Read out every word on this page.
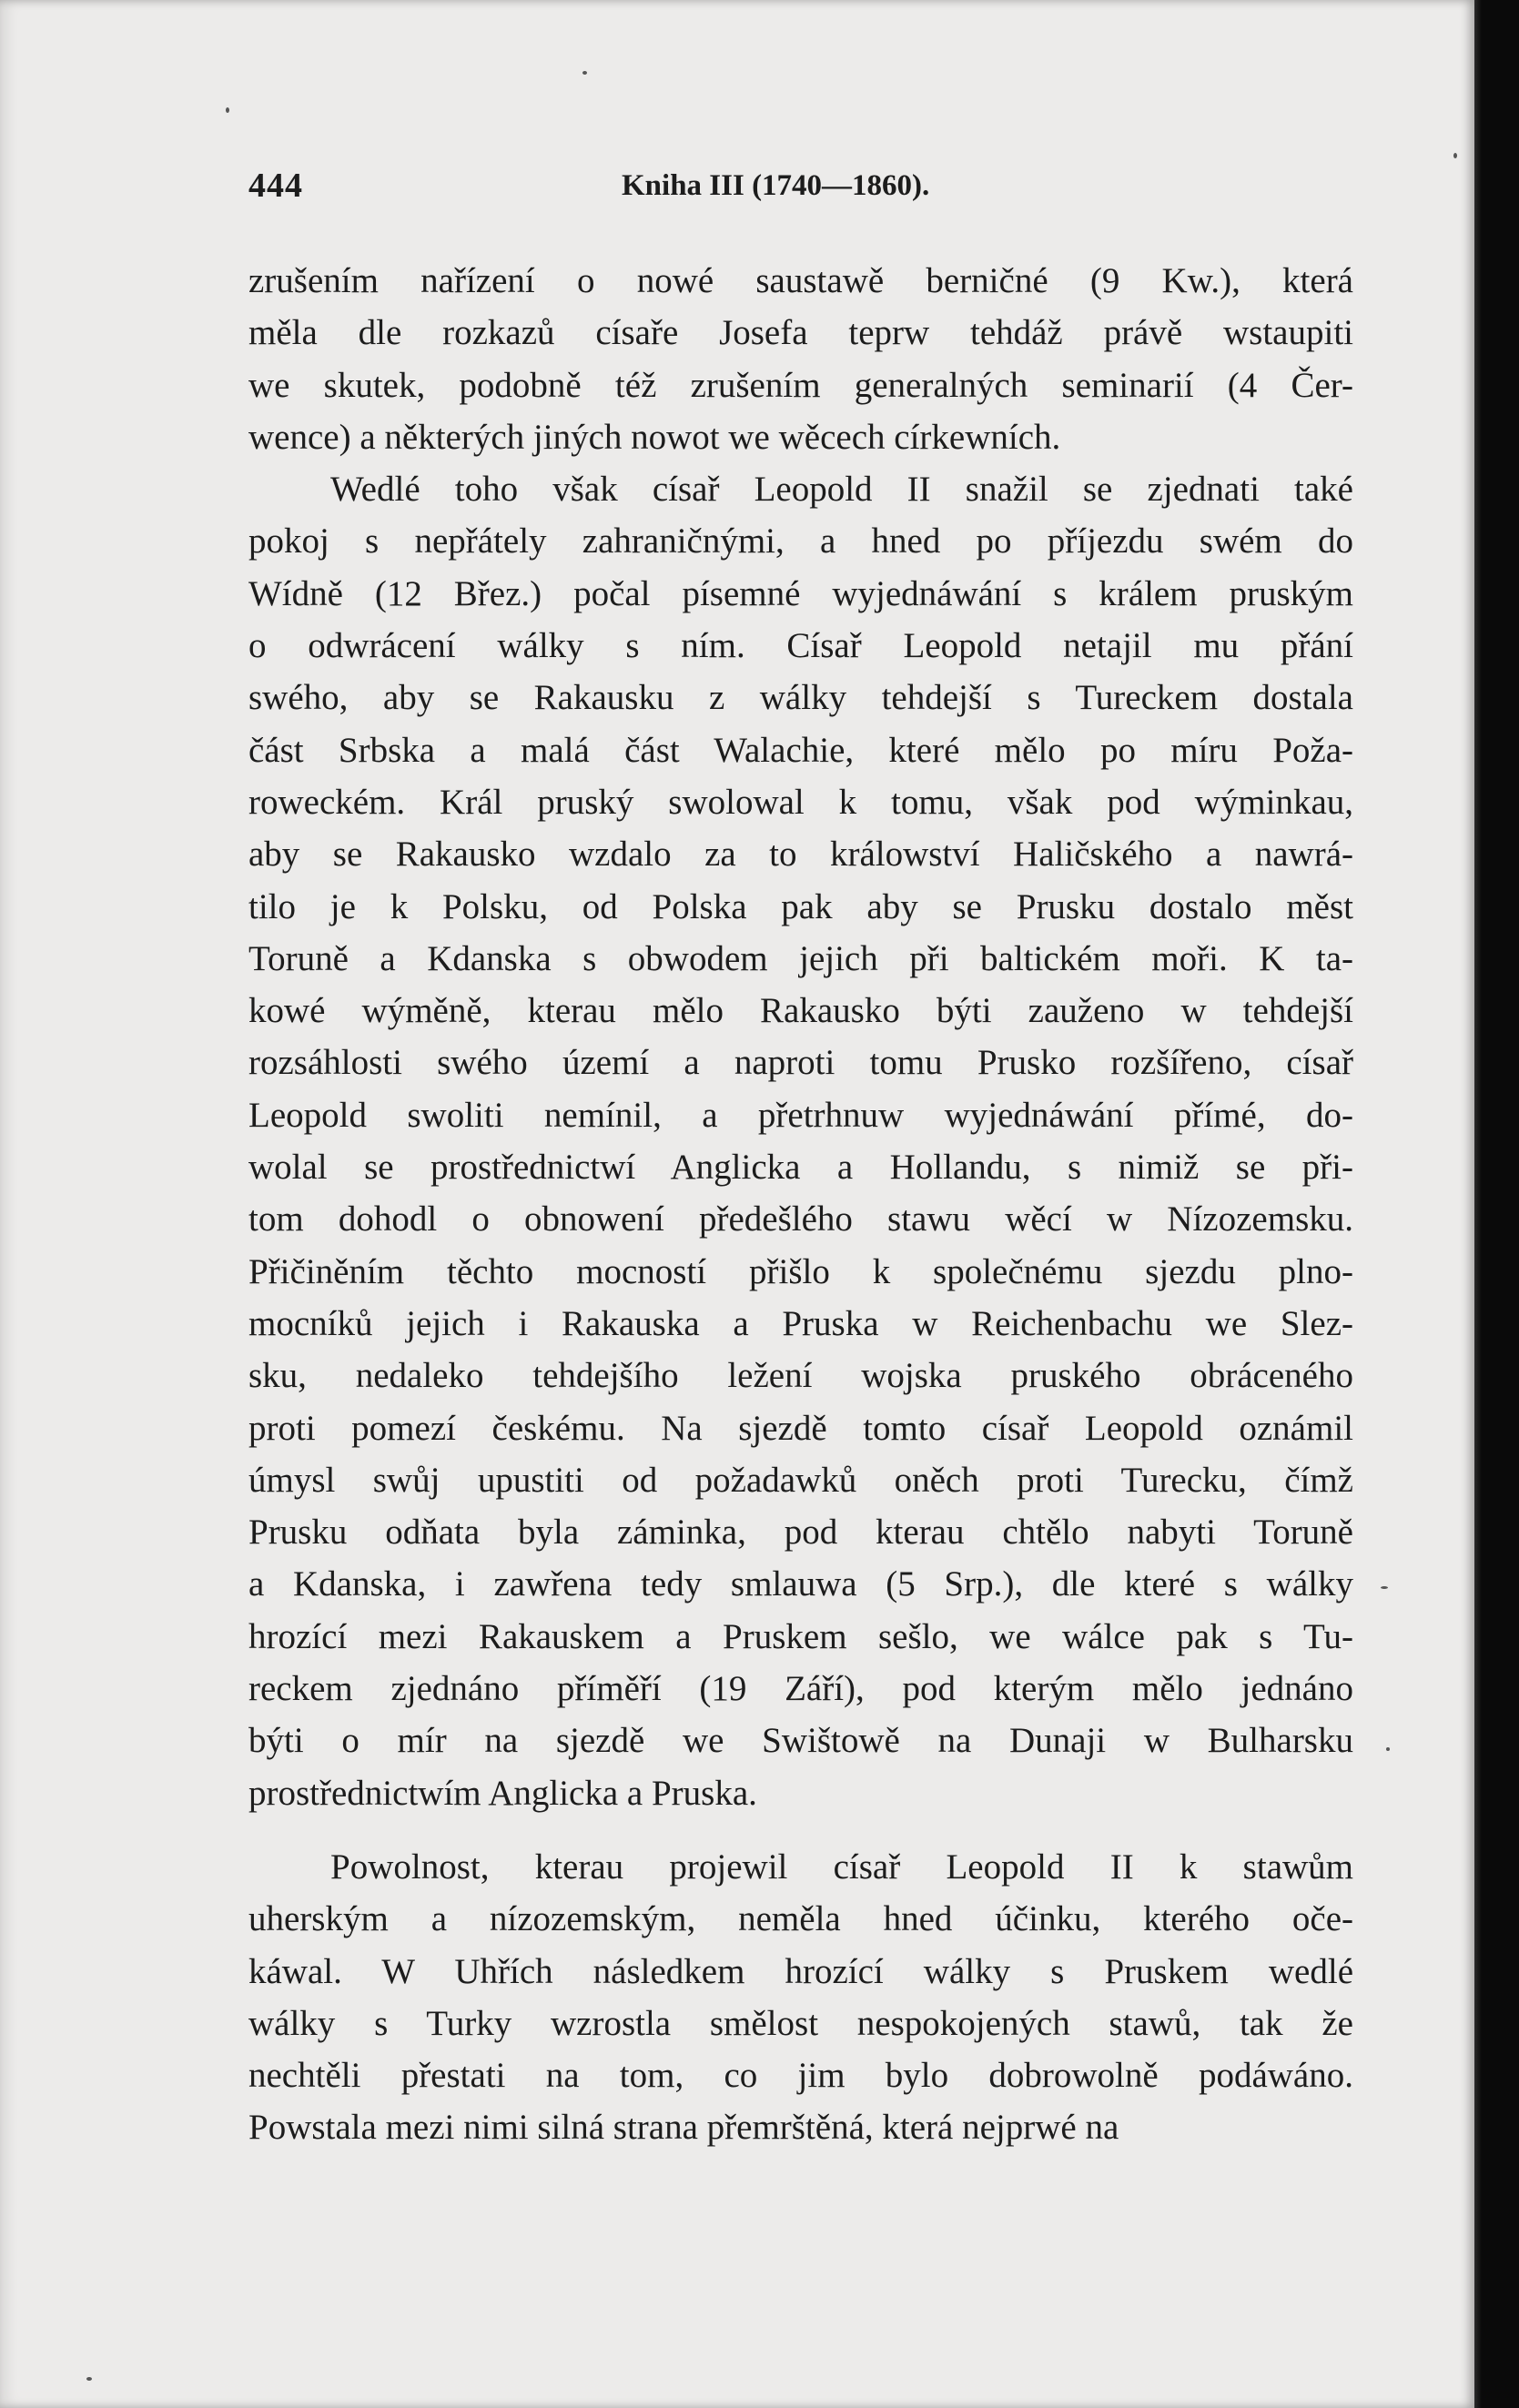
444	Kniha III (1740—1860).
zrušením nařízení o nowé saustawě berničné (9 Kw.), která
měla dle rozkazů císaře Josefa teprw tehdáž právě wstaupiti
we skutek, podobně též zrušením generalných seminarií (4 Čer-
wence) a některých jiných nowot we wěcech církewních.
Wedlé toho však císař Leopold II snažil se zjednati také
pokoj s nepřátely zahraničnými, a hned po příjezdu swém do
Wídně (12 Břez.) počal písemné wyjednáwání s králem pruským
o odwrácení wálky s ním. Císař Leopold netajil mu přání
swého, aby se Rakausku z wálky tehdejší s Tureckem dostala
část Srbska a malá část Walachie, které mělo po míru Poža-
roweckém. Král pruský swolowal k tomu, však pod wýminkau,
aby se Rakausko wzdalo za to králowství Haličského a nawrá-
tilo je k Polsku, od Polska pak aby se Prusku dostalo měst
Toruně a Kdanska s obwodem jejich při baltickém moři. K ta-
kowé wýměně, kterau mělo Rakausko býti zauženo w tehdejší
rozsáhlosti swého území a naproti tomu Prusko rozšířeno, císař
Leopold swoliti nemínil, a přetrhnuw wyjednáwání přímé, do-
wolal se prostřednictwí Anglicka a Hollandu, s nimiž se při-
tom dohodl o obnowení předešlého stawu wěcí w Nízozemsku.
Přičiněním těchto mocností přišlo k společnému sjezdu plno-
mocníků jejich i Rakauska a Pruska w Reichenbachu we Slez-
sku, nedaleko tehdejšího ležení wojska pruského obráceného
proti pomezí českému. Na sjezdě tomto císař Leopold oznámil
úmysl swůj upustiti od požadawků oněch proti Turecku, čímž
Prusku odňata byla záminka, pod kterau chtělo nabyti Toruně
a Kdanska, i zawřena tedy smlauwa (5 Srp.), dle které s wálky
hrozící mezi Rakauskem a Pruskem sešlo, we wálce pak s Tu-
reckem zjednáno příměří (19 Září), pod kterým mělo jednáno
býti o mír na sjezdě we Swištowě na Dunaji w Bulharsku
prostřednictwím Anglicka a Pruska.
Powolnost, kterau projewil císař Leopold II k stawům
uherským a nízozemským, neměla hned účinku, kterého oče-
káwal. W Uhřích následkem hrozící wálky s Pruskem wedlé
wálky s Turky wzrostla smělost nespokojených stawů, tak že
nechtěli přestati na tom, co jim bylo dobrowolně podáwáno.
Powstala mezi nimi silná strana přemrštěná, která nejprwé na
